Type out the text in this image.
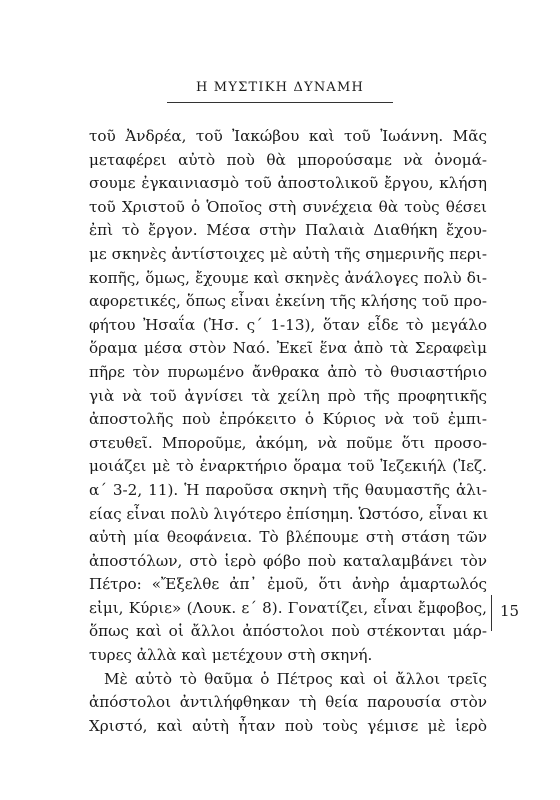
Η ΜΥΣΤΙΚΗ ΔΥΝΑΜΗ
τοῦ Ἀνδρέα, τοῦ Ἰακώβου καὶ τοῦ Ἰωάννη. Μᾶς
μεταφέρει αὐτὸ ποὺ θὰ μπορούσαμε νὰ ὀνομά-
σουμε ἐγκαινιασμὸ τοῦ ἀποστολικοῦ ἔργου, κλήση
τοῦ Χριστοῦ ὁ Ὁποῖος στὴ συνέχεια θὰ τοὺς θέσει
ἐπὶ τὸ ἔργον. Μέσα στὴν Παλαιὰ Διαθήκη ἔχου-
με σκηνὲς ἀντίστοιχες μὲ αὐτὴ τῆς σημερινῆς περι-
κοπῆς, ὅμως, ἔχουμε καὶ σκηνὲς ἀνάλογες πολὺ δι-
αφορετικές, ὅπως εἶναι ἐκείνη τῆς κλήσης τοῦ προ-
φήτου Ἠσαΐα (Ἠσ. ς΄ 1-13), ὅταν εἶδε τὸ μεγάλο
ὅραμα μέσα στὸν Ναό. Ἐκεῖ ἕνα ἀπὸ τὰ Σεραφεὶμ
πῆρε τὸν πυρωμένο ἄνθρακα ἀπὸ τὸ θυσιαστήριο
γιὰ νὰ τοῦ ἀγνίσει τὰ χείλη πρὸ τῆς προφητικῆς
ἀποστολῆς ποὺ ἐπρόκειτο ὁ Κύριος νὰ τοῦ ἐμπι-
στευθεῖ. Μποροῦμε, ἀκόμη, νὰ ποῦμε ὅτι προσο-
μοιάζει μὲ τὸ ἐναρκτήριο ὅραμα τοῦ Ἰεζεκιήλ (Ἰεζ.
α΄ 3-2, 11). Ἡ παροῦσα σκηνὴ τῆς θαυμαστῆς ἁλι-
είας εἶναι πολὺ λιγότερο ἐπίσημη. Ὡστόσο, εἶναι κι
αὐτὴ μία θεοφάνεια. Τὸ βλέπουμε στὴ στάση τῶν
ἀποστόλων, στὸ ἱερὸ φόβο ποὺ καταλαμβάνει τὸν
Πέτρο: «Ἔξελθε ἀπ᾿ ἐμοῦ, ὅτι ἀνὴρ ἁμαρτωλός
εἰμι, Κύριε» (Λουκ. ε΄ 8). Γονατίζει, εἶναι ἔμφοβος,
ὅπως καὶ οἱ ἄλλοι ἀπόστολοι ποὺ στέκονται μάρ-
τυρες ἀλλὰ καὶ μετέχουν στὴ σκηνή.
Μὲ αὐτὸ τὸ θαῦμα ὁ Πέτρος καὶ οἱ ἄλλοι τρεῖς
ἀπόστολοι ἀντιλήφθηκαν τὴ θεία παρουσία στὸν
Χριστό, καὶ αὐτὴ ἦταν ποὺ τοὺς γέμισε μὲ ἱερὸ
15
